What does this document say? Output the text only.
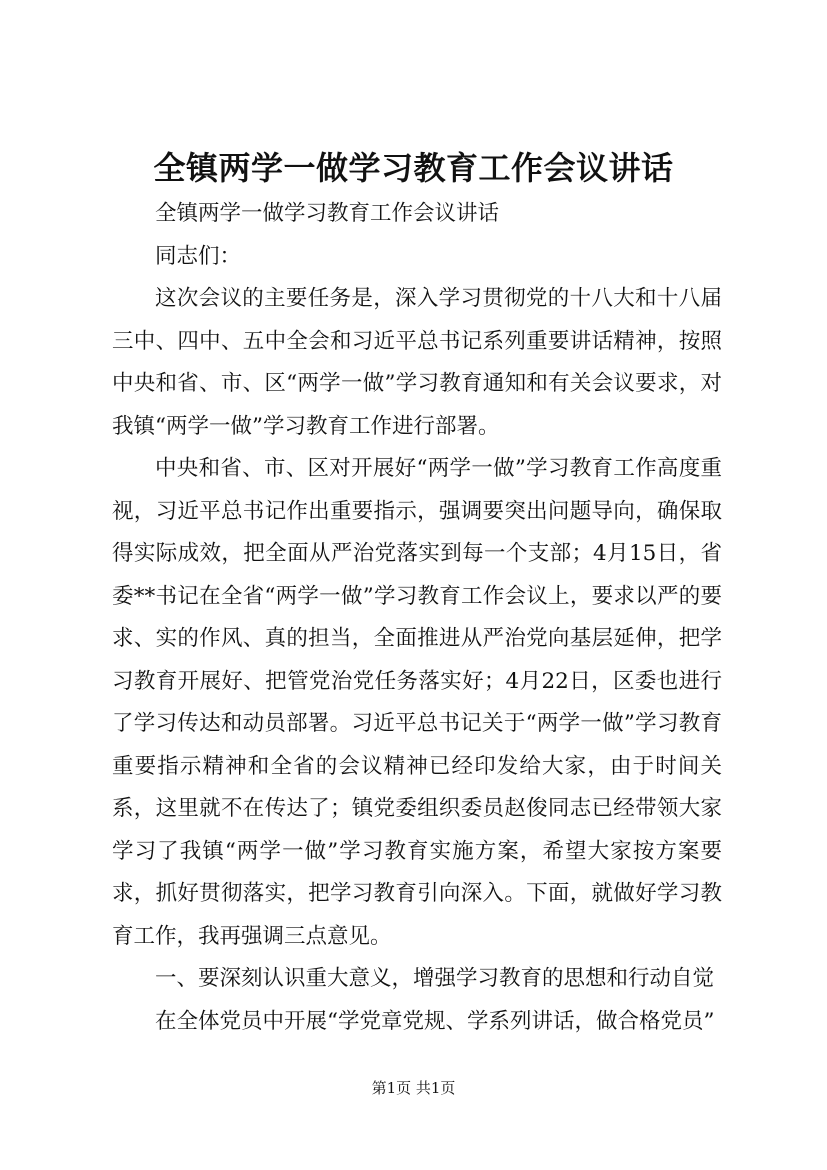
全镇两学一做学习教育工作会议讲话

全镇两学一做学习教育工作会议讲话

同志们：

这次会议的主要任务是，深入学习贯彻党的十八大和十八届三中、四中、五中全会和习近平总书记系列重要讲话精神，按照中央和省、市、区“两学一做”学习教育通知和有关会议要求，对我镇“两学一做”学习教育工作进行部署。

中央和省、市、区对开展好“两学一做”学习教育工作高度重视，习近平总书记作出重要指示，强调要突出问题导向，确保取得实际成效，把全面从严治党落实到每一个支部；4月15日，省委**书记在全省“两学一做”学习教育工作会议上，要求以严的要求、实的作风、真的担当，全面推进从严治党向基层延伸，把学习教育开展好、把管党治党任务落实好；4月22日，区委也进行了学习传达和动员部署。习近平总书记关于“两学一做”学习教育重要指示精神和全省的会议精神已经印发给大家，由于时间关系，这里就不在传达了；镇党委组织委员赵俊同志已经带领大家学习了我镇“两学一做”学习教育实施方案，希望大家按方案要求，抓好贯彻落实，把学习教育引向深入。下面，就做好学习教育工作，我再强调三点意见。

一、要深刻认识重大意义，增强学习教育的思想和行动自觉

在全体党员中开展“学党章党规、学系列讲话，做合格党员”

第1页 共1页
